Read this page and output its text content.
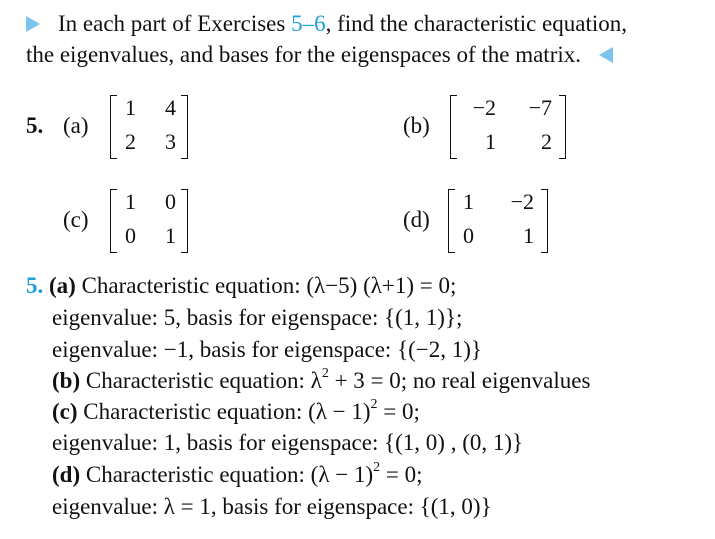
In each part of Exercises 5–6, find the characteristic equation,
the eigenvalues, and bases for the eigenspaces of the matrix.
5. (a)
1 4
2 3
(b)
−2	−7
1	2
(c)
1 0
0 1
(d)
1	−2
0	1
5. (a) Characteristic equation: (λ−5) (λ+1) = 0;
eigenvalue: 5, basis for eigenspace: {(1, 1)};
eigenvalue: −1, basis for eigenspace: {(−2, 1)}
(b) Characteristic equation: $\lambda^2 + 3 = 0$; no real eigenvalues
(c) Characteristic equation: $(\lambda - 1)^2 = 0$;
eigenvalue: 1, basis for eigenspace: {(1, 0) , (0, 1)}
(d) Characteristic equation: $(\lambda - 1)^2 = 0$;
eigenvalue: λ = 1, basis for eigenspace: {(1, 0)}
